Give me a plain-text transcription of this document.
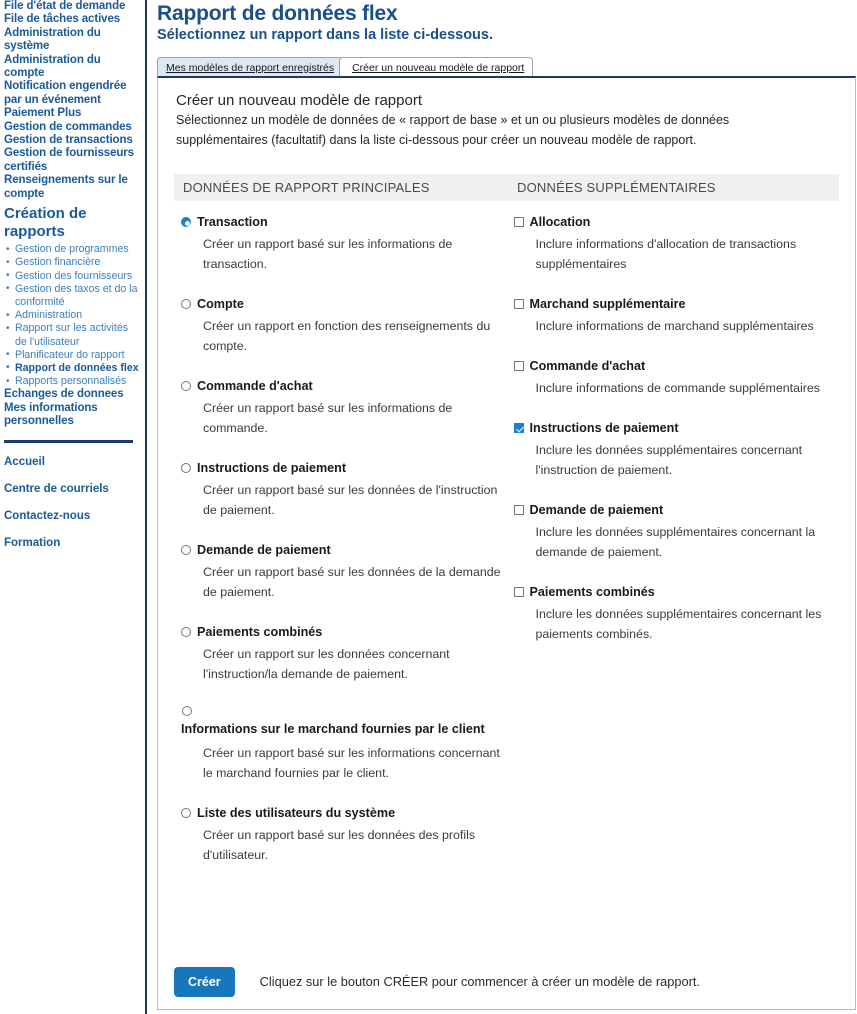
File d'état de demande
File de tâches actives
Administration du système
Administration du compte
Notification engendrée par un événement
Paiement Plus
Gestion de commandes
Gestion de transactions
Gestion de fournisseurs certifiés
Renseignements sur le compte
Création de rapports
• Gestion de programmes
• Gestion financière
• Gestion des fournisseurs
• Gestion des taxos et do la conformité
• Administration
• Rapport sur les activités de l'utilisateur
• Planificateur do rapport
• Rapport de données flex
• Rapports personnalisés
Echanges de donnees
Mes informations personnelles
Accueil
Centre de courriels
Contactez-nous
Formation
Rapport de données flex
Sélectionnez un rapport dans la liste ci-dessous.
Mes modèles de rapport enregistrés Créer un nouveau modèle de rapport
Créer un nouveau modèle de rapport
Sélectionnez un modèle de données de « rapport de base » et un ou plusieurs modèles de données supplémentaires (facultatif) dans la liste ci-dessous pour créer un nouveau modèle de rapport.
DONNÉES DE RAPPORT PRINCIPALES	DONNÉES SUPPLÉMENTAIRES
Transaction
Créer un rapport basé sur les informations de transaction.
Compte
Créer un rapport en fonction des renseignements du compte.
Commande d'achat
Créer un rapport basé sur les informations de commande.
Instructions de paiement
Créer un rapport basé sur les données de l'instruction de paiement.
Demande de paiement
Créer un rapport basé sur les données de la demande de paiement.
Paiements combinés
Créer un rapport sur les données concernant l'instruction/la demande de paiement.
Informations sur le marchand fournies par le client
Créer un rapport basé sur les informations concernant le marchand fournies par le client.
Liste des utilisateurs du système
Créer un rapport basé sur les données des profils d'utilisateur.
Allocation
Inclure informations d'allocation de transactions supplémentaires
Marchand supplémentaire
Inclure informations de marchand supplémentaires
Commande d'achat
Inclure informations de commande supplémentaires
Instructions de paiement
Inclure les données supplémentaires concernant l'instruction de paiement.
Demande de paiement
Inclure les données supplémentaires concernant la demande de paiement.
Paiements combinés
Inclure les données supplémentaires concernant les paiements combinés.
Créer	Cliquez sur le bouton CRÉER pour commencer à créer un modèle de rapport.
